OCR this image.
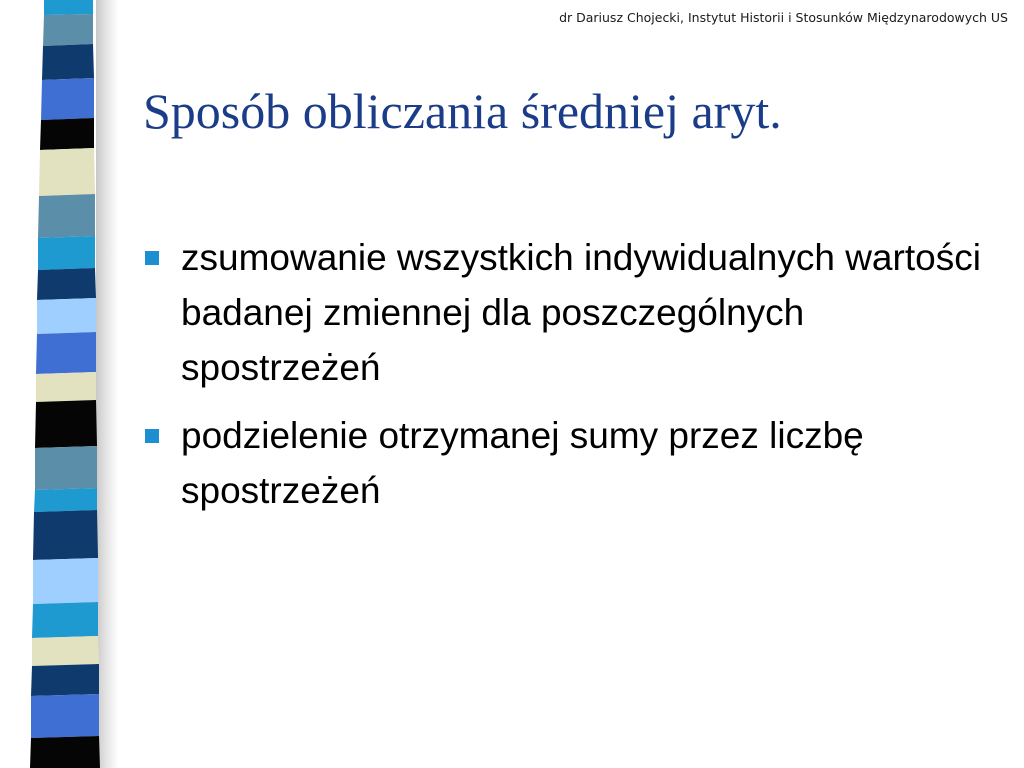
dr Dariusz Chojecki, Instytut Historii i Stosunków Międzynarodowych US
Sposób obliczania średniej aryt.
zsumowanie wszystkich indywidualnych wartości badanej zmiennej dla poszczególnych spostrzeżeń
podzielenie otrzymanej sumy przez liczbę spostrzeżeń
